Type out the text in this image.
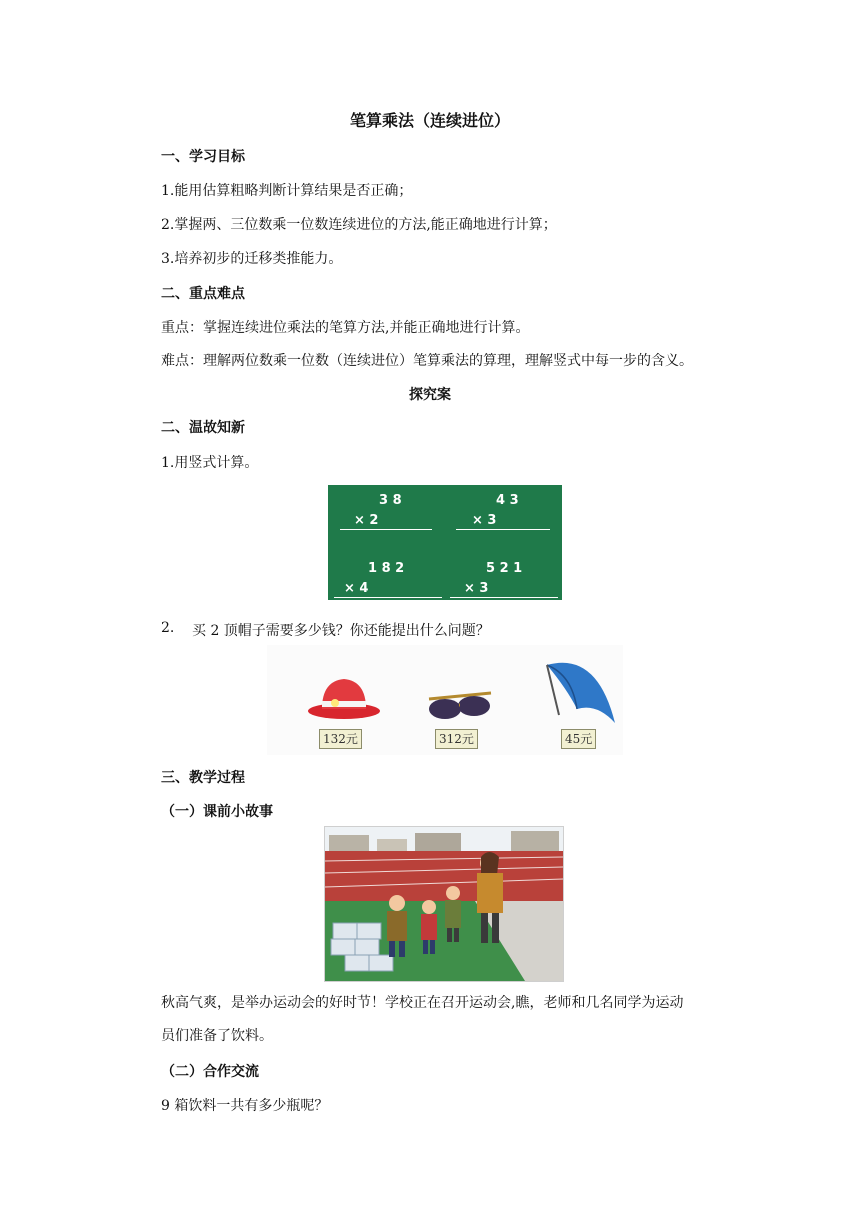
笔算乘法（连续进位）
一、学习目标
1.能用估算粗略判断计算结果是否正确；
2.掌握两、三位数乘一位数连续进位的方法,能正确地进行计算；
3.培养初步的迁移类推能力。
二、重点难点
重点：掌握连续进位乘法的笔算方法,并能正确地进行计算。
难点：理解两位数乘一位数（连续进位）笔算乘法的算理，理解竖式中每一步的含义。
探究案
二、温故知新
1.用竖式计算。
3 8
× 2
4 3
× 3
1 8 2
× 4
5 2 1
× 3
2. 买 2 顶帽子需要多少钱？你还能提出什么问题？
132元	312元	45元
三、教学过程
（一）课前小故事
秋高气爽，是举办运动会的好时节！学校正在召开运动会,瞧，老师和几名同学为运动
员们准备了饮料。
（二）合作交流
9 箱饮料一共有多少瓶呢？
